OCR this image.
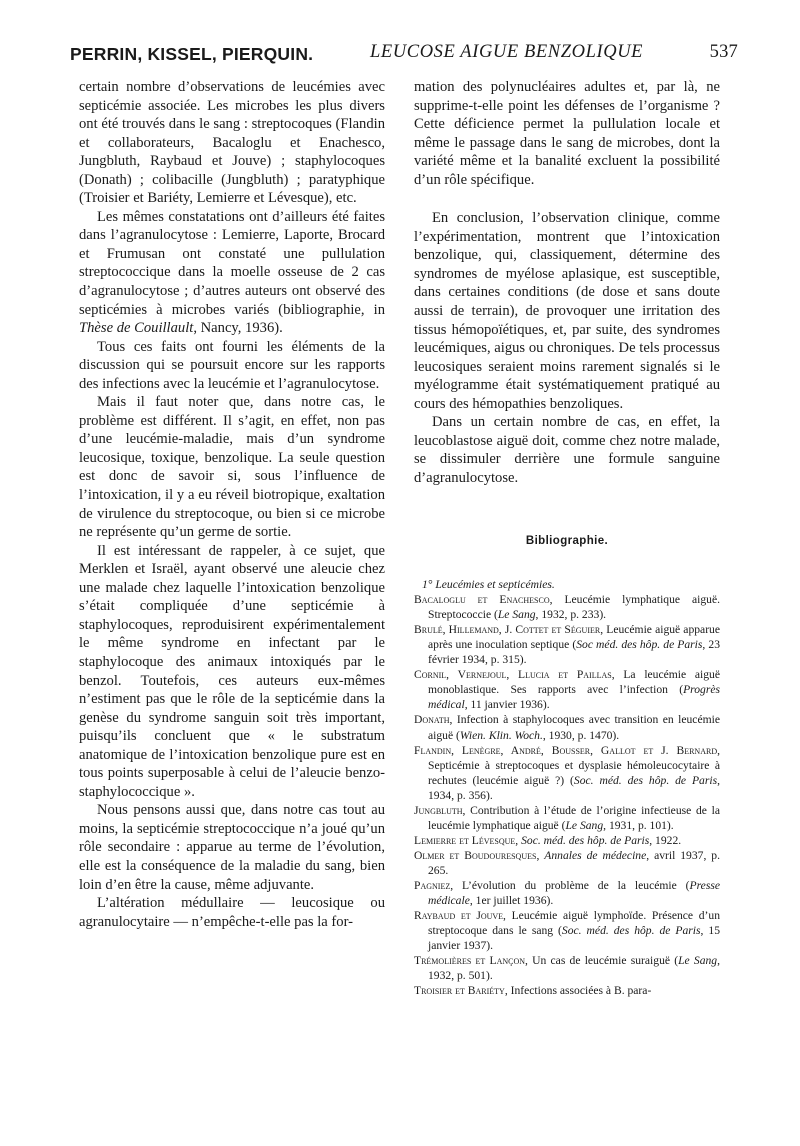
PERRIN, KISSEL, PIERQUIN.	LEUCOSE AIGUE BENZOLIQUE	537

certain nombre d’observations de leucémies avec septicémie associée. Les microbes les plus divers ont été trouvés dans le sang : streptocoques (Flandin et collaborateurs, Bacaloglu et Enachesco, Jungbluth, Raybaud et Jouve) ; staphylocoques (Donath) ; colibacille (Jungbluth) ; paratyphique (Troisier et Bariéty, Lemierre et Lévesque), etc.

Les mêmes constatations ont d’ailleurs été faites dans l’agranulocytose : Lemierre, Laporte, Brocard et Frumusan ont constaté une pullulation streptococcique dans la moelle osseuse de 2 cas d’agranulocytose ; d’autres auteurs ont observé des septicémies à microbes variés (bibliographie, in Thèse de Couillault, Nancy, 1936).

Tous ces faits ont fourni les éléments de la discussion qui se poursuit encore sur les rapports des infections avec la leucémie et l’agranulocytose.

Mais il faut noter que, dans notre cas, le problème est différent. Il s’agit, en effet, non pas d’une leucémie-maladie, mais d’un syndrome leucosique, toxique, benzolique. La seule question est donc de savoir si, sous l’influence de l’intoxication, il y a eu réveil biotropique, exaltation de virulence du streptocoque, ou bien si ce microbe ne représente qu’un germe de sortie.

Il est intéressant de rappeler, à ce sujet, que Merklen et Israël, ayant observé une aleucie chez une malade chez laquelle l’intoxication benzolique s’était compliquée d’une septicémie à staphylocoques, reproduisirent expérimentalement le même syndrome en infectant par le staphylocoque des animaux intoxiqués par le benzol. Toutefois, ces auteurs eux-mêmes n’estiment pas que le rôle de la septicémie dans la genèse du syndrome sanguin soit très important, puisqu’ils concluent que « le substratum anatomique de l’intoxication benzolique pure est en tous points superposable à celui de l’aleucie benzo-staphylococcique ».

Nous pensons aussi que, dans notre cas tout au moins, la septicémie streptococcique n’a joué qu’un rôle secondaire : apparue au terme de l’évolution, elle est la conséquence de la maladie du sang, bien loin d’en être la cause, même adjuvante.

L’altération médullaire — leucosique ou agranulocytaire — n’empêche-t-elle pas la for-

mation des polynucléaires adultes et, par là, ne supprime-t-elle point les défenses de l’organisme ? Cette déficience permet la pullulation locale et même le passage dans le sang de microbes, dont la variété même et la banalité excluent la possibilité d’un rôle spécifique.

En conclusion, l’observation clinique, comme l’expérimentation, montrent que l’intoxication benzolique, qui, classiquement, détermine des syndromes de myélose aplasique, est susceptible, dans certaines conditions (de dose et sans doute aussi de terrain), de provoquer une irritation des tissus hémopoïétiques, et, par suite, des syndromes leucémiques, aigus ou chroniques. De tels processus leucosiques seraient moins rarement signalés si le myélogramme était systématiquement pratiqué au cours des hémopathies benzoliques.

Dans un certain nombre de cas, en effet, la leucoblastose aiguë doit, comme chez notre malade, se dissimuler derrière une formule sanguine d’agranulocytose.

Bibliographie.

1° Leucémies et septicémies.

Bacaloglu et Enachesco, Leucémie lymphatique aiguë. Streptococcie (Le Sang, 1932, p. 233).

Brulé, Hillemand, J. Cottet et Séguier, Leucémie aiguë apparue après une inoculation septique (Soc méd. des hôp. de Paris, 23 février 1934, p. 315).

Cornil, Vernejoul, Llucia et Paillas, La leucémie aiguë monoblastique. Ses rapports avec l’infection (Progrès médical, 11 janvier 1936).

Donath, Infection à staphylocoques avec transition en leucémie aiguë (Wien. Klin. Woch., 1930, p. 1470).

Flandin, Lenègre, André, Bousser, Gallot et J. Bernard, Septicémie à streptocoques et dysplasie hémoleucocytaire à rechutes (leucémie aiguë ?) (Soc. méd. des hôp. de Paris, 1934, p. 356).

Jungbluth, Contribution à l’étude de l’origine infectieuse de la leucémie lymphatique aiguë (Le Sang, 1931, p. 101).

Lemierre et Lévesque, Soc. méd. des hôp. de Paris, 1922.

Olmer et Boudouresques, Annales de médecine, avril 1937, p. 265.

Pagniez, L’évolution du problème de la leucémie (Presse médicale, 1er juillet 1936).

Raybaud et Jouve, Leucémie aiguë lymphoïde. Présence d’un streptocoque dans le sang (Soc. méd. des hôp. de Paris, 15 janvier 1937).

Trémolières et Lançon, Un cas de leucémie suraiguë (Le Sang, 1932, p. 501).

Troisier et Bariéty, Infections associées à B. para-
